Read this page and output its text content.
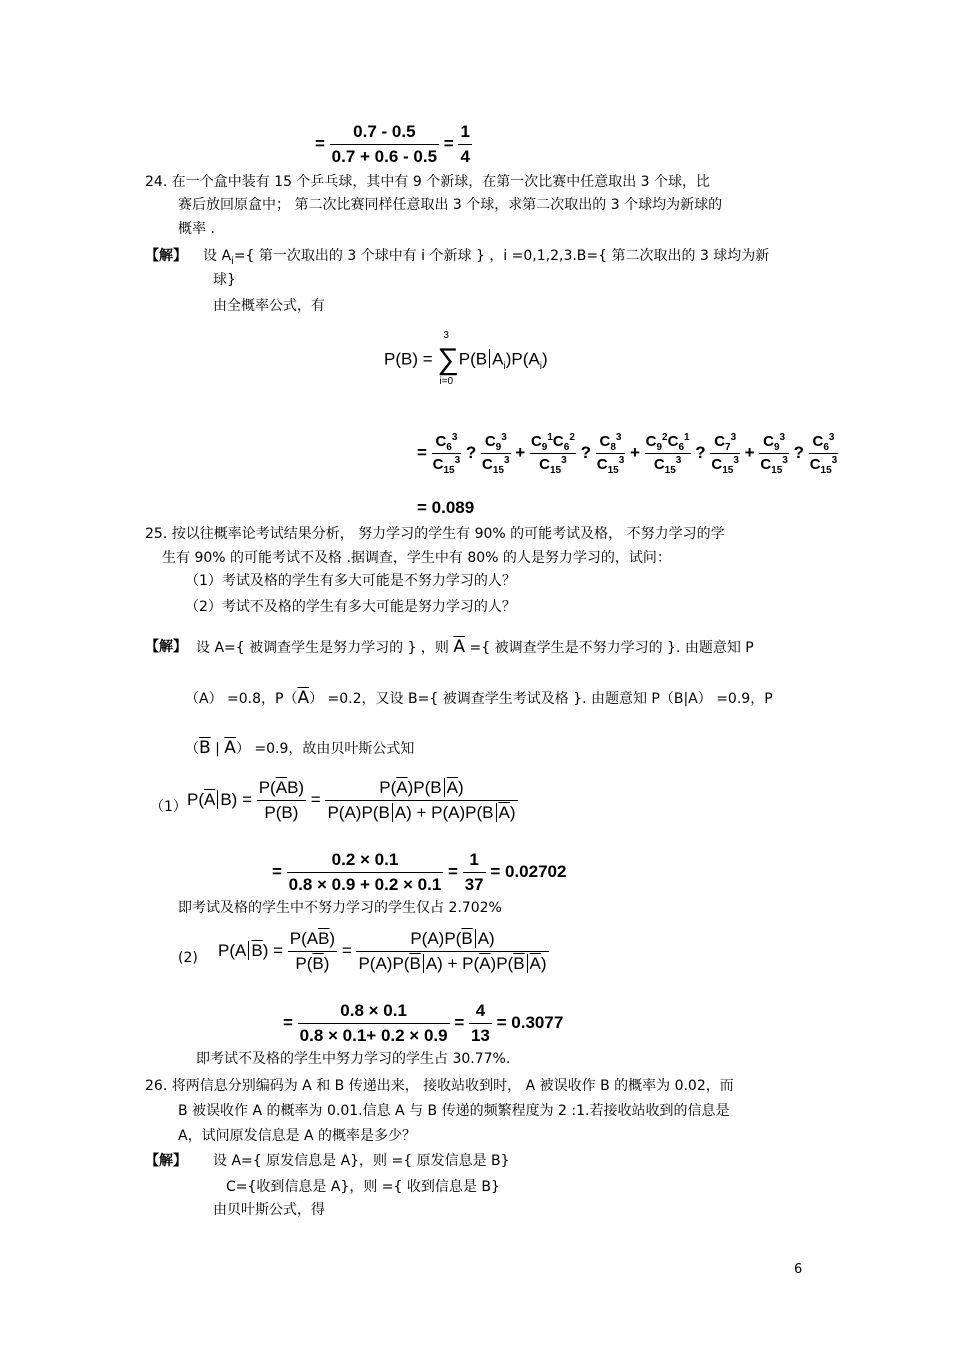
= $\frac{0.7 - 0.5}{0.7 + 0.6 - 0.5} = \frac{1}{4}$
24. 在一个盒中装有 15 个乒乓球，其中有 9 个新球，在第一次比赛中任意取出 3 个球，比
赛后放回原盒中； 第二次比赛同样任意取出 3 个球，求第二次取出的 3 个球均为新球的
概率 .
【解】 设 $A_i=${ 第一次取出的 3 个球中有 i 个新球 } ，i =0,1,2,3.B={ 第二次取出的 3 球均为新
球}
由全概率公式，有
P(B) = ∑
3
i=0
P(B $A_i)P(A_i)$
= $\frac{C_6^3}{C_{15}^3}$ ? $\frac{C_9^3}{C_{15}^3} + \frac{C_9^1C_6^2}{C_{15}^3}$ ? $\frac{C_8^3}{C_{15}^3} + \frac{C_9^2C_6^1}{C_{15}^3}$ ? $\frac{C_7^3}{C_{15}^3} + \frac{C_9^3}{C_{15}^3}$ ? $\frac{C_6^3}{C_{15}^3}$
= 0.089
25. 按以往概率论考试结果分析， 努力学习的学生有 90% 的可能考试及格， 不努力学习的学
生有 90% 的可能考试不及格 .据调查，学生中有 80% 的人是努力学习的，试问：
（1）考试及格的学生有多大可能是不努力学习的人？
（2）考试不及格的学生有多大可能是努力学习的人？
【解】 设 A={ 被调查学生是努力学习的 } ，则 $\overline{A}$ ={ 被调查学生是不努力学习的 }. 由题意知 P
（A） =0.8，$P(\overline{A}) =0.2$，又设 B={ 被调查学生考试及格 }. 由题意知 P（B|A） =0.9，P
（$\overline{B}$ | $\overline{A}) =0.9$，故由贝叶斯公式知
（1） $P(\overline{A}$ $B) = \frac{P(\overline{A}B)}{P(B)} = \frac{P(\overline{A})P(B \overline{A})}{P(A)P(B A) + P(A)P(B \overline{A})}$
= $\frac{0.2 \times 0.1}{0.8 \times 0.9 + 0.2 \times 0.1} = \frac{1}{37} = 0.02702$
即考试及格的学生中不努力学习的学生仅占 2.702%
(2) P(A $\overline{B}) = \frac{P(A\overline{B})}{P(\overline{B})} = \frac{P(A)P(\overline{B} A)}{P(A)P(\overline{B} A) + P(\overline{A})P(\overline{B} \overline{A})}$
= $\frac{0.8 \times 0.1}{0.8 \times 0.1+ 0.2 \times 0.9} = \frac{4}{13} = 0.3077$
即考试不及格的学生中努力学习的学生占 30.77%.
26. 将两信息分别编码为 A 和 B 传递出来， 接收站收到时， A 被误收作 B 的概率为 0.02，而
B 被误收作 A 的概率为 0.01.信息 A 与 B 传递的频繁程度为 2 :1.若接收站收到的信息是
A，试问原发信息是 A 的概率是多少？
【解】 设 A={ 原发信息是 A}，则 ={ 原发信息是 B}
C={收到信息是 A}，则 ={ 收到信息是 B}
由贝叶斯公式，得
6
